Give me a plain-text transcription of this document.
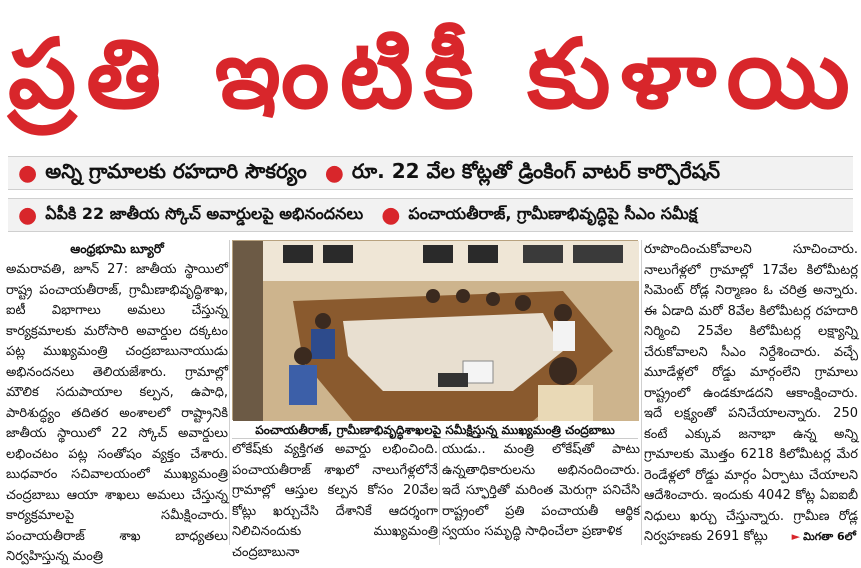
ప్రతి ఇంటికీ కుళాయి
● అన్ని గ్రామాలకు రహదారి సౌకర్యం ● రూ. 22 వేల కోట్లతో డ్రింకింగ్ వాటర్ కార్పొరేషన్
● ఏపీకి 22 జాతీయ స్కోచ్ అవార్డులపై అభినందనలు ● పంచాయతీరాజ్, గ్రామీణాభివృద్ధిపై సీఎం సమీక్ష
ఆంధ్రభూమి బ్యూరో

అమరావతి, జూన్ 27: జాతీయ స్థాయిలో రాష్ట్ర పంచాయతీరాజ్, గ్రామీణాభివృద్ధిశాఖ, ఐటీ విభాగాలు అమలు చేస్తున్న కార్యక్రమాలకు మరోసారి అవార్డుల దక్కటం పట్ల ముఖ్యమంత్రి చంద్రబాబునాయుడు అభినందనలు తెలియజేశారు. గ్రామాల్లో మౌలిక సదుపాయాల కల్పన, ఉపాధి, పారిశుద్ధ్యం తదితర అంశాలలో రాష్ట్రానికి జాతీయ స్థాయిలో 22 స్కోచ్ అవార్డులు లభించటం పట్ల సంతోషం వ్యక్తం చేశారు. బుధవారం సచివాలయంలో ముఖ్యమంత్రి చంద్రబాబు ఆయా శాఖలు అమలు చేస్తున్న కార్యక్రమాలపై సమీక్షించారు. పంచాయతీరాజ్ శాఖ బాధ్యతలు నిర్వహిస్తున్న మంత్రి

పంచాయతీరాజ్, గ్రామీణాభివృద్ధిశాఖలపై సమీక్షిస్తున్న ముఖ్యమంత్రి చంద్రబాబు

లోకేష్‌కు వ్యక్తిగత అవార్డు లభించింది. పంచాయతీరాజ్ శాఖలో నాలుగేళ్లలోనే గ్రామాల్లో ఆస్తుల కల్పన కోసం 20వేల కోట్లు ఖర్చుచేసి దేశానికే ఆదర్శంగా నిలిచినందుకు ముఖ్యమంత్రి చంద్రబాబునా

యుడు.. మంత్రి లోకేష్‌తో పాటు ఉన్నతాధికారులను అభినందించారు. ఇదే స్ఫూర్తితో మరింత మెరుగ్గా పనిచేసి రాష్ట్రంలో ప్రతి పంచాయతీ ఆర్థిక స్వయం సమృద్ధి సాధించేలా ప్రణాళిక

రూపొందించుకోవాలని సూచించారు. నాలుగేళ్లలో గ్రామాల్లో 17వేల కిలోమీటర్ల సిమెంట్ రోడ్ల నిర్మాణం ఓ చరిత్ర అన్నారు. ఈ ఏడాది మరో 8వేల కిలోమీటర్ల రహదారి నిర్మించి 25వేల కిలోమీటర్ల లక్ష్యాన్ని చేరుకోవాలని సీఎం నిర్దేశించారు. వచ్చే మూడేళ్లలో రోడ్డు మార్గంలేని గ్రామాలు రాష్ట్రంలో ఉండకూడదని ఆకాంక్షించారు. ఇదే లక్ష్యంతో పనిచేయాలన్నారు. 250 కంటే ఎక్కువ జనాభా ఉన్న అన్ని గ్రామాలకు మొత్తం 6218 కిలోమీటర్ల మేర రెండేళ్లలో రోడ్డు మార్గం ఏర్పాటు చేయాలని ఆదేశించారు. ఇందుకు 4042 కోట్ల ఏఐఐబీ నిధులు ఖర్చు చేస్తున్నారు. గ్రామీణ రోడ్ల నిర్వహణకు 2691 కోట్లు	► మిగతా 6లో
